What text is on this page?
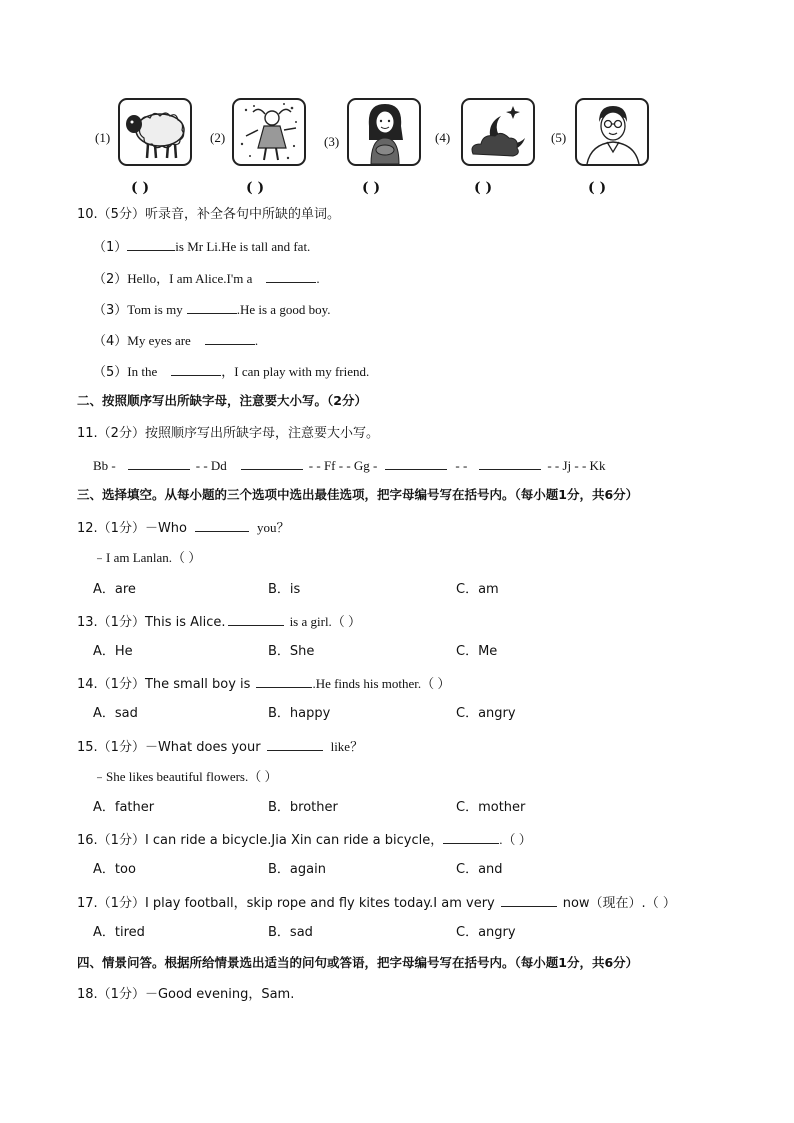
(1)	(2)	(3)	(4)	(5)
( )	( )	( )	( )	( )
10.（5分）听录音，补全各句中所缺的单词。
（1）	is Mr Li.He is tall and fat.
（2）Hello，I am Alice.I'm a	.
（3）Tom is my	.He is a good boy.
（4）My eyes are	.
（5）In the	，I can play with my friend.
二、按照顺序写出所缺字母，注意要大小写。（2分）
11.（2分）按照顺序写出所缺字母，注意要大小写。
Bb -	- - Dd	- - Ff - - Gg -	- -	- - Jj - - Kk
三、选择填空。从每小题的三个选项中选出最佳选项，把字母编号写在括号内。（每小题1分，共6分）
12.（1分）－Who	you？
﹣I am Lanlan.（ ）
A．are	B．is	C．am
13.（1分）This is Alice.	is a girl.（ ）
A．He	B．She	C．Me
14.（1分）The small boy is	.He finds his mother.（ ）
A．sad	B．happy	C．angry
15.（1分）－What does your	like？
﹣She likes beautiful flowers.（ ）
A．father	B．brother	C．mother
16.（1分）I can ride a bicycle.Jia Xin can ride a bicycle，	.（ ）
A．too	B．again	C．and
17.（1分）I play football，skip rope and fly kites today.I am very	now（现在）.（ ）
A．tired	B．sad	C．angry
四、情景问答。根据所给情景选出适当的问句或答语，把字母编号写在括号内。（每小题1分，共6分）
18.（1分）－Good evening，Sam.
